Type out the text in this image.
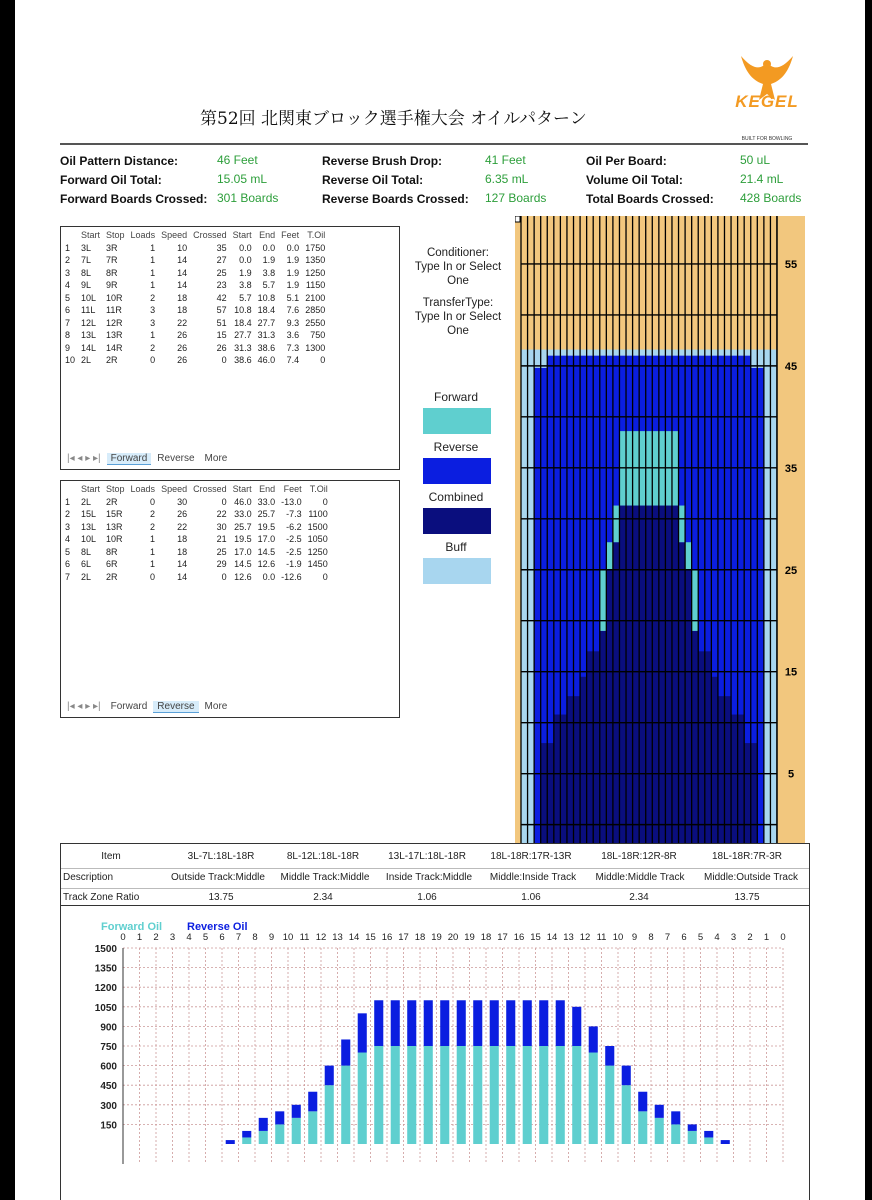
第52回 北関東ブロック選手権大会 オイルパターン
KEGEL
BUILT FOR BOWLING
Oil Pattern Distance:	46 Feet
Forward Oil Total:	15.05 mL
Forward Boards Crossed: 301 Boards
Reverse Brush Drop:	41 Feet
Reverse Oil Total:	6.35 mL
Reverse Boards Crossed: 127 Boards
Oil Per Board:	50 uL
Volume Oil Total:	21.4 mL
Total Boards Crossed: 428 Boards
	Start	Stop	Loads	Speed	Crossed	Start	End	Feet	T.Oil
1	3L	3R	1	10	35	0.0	0.0	0.0	1750
2	7L	7R	1	14	27	0.0	1.9	1.9	1350
3	8L	8R	1	14	25	1.9	3.8	1.9	1250
4	9L	9R	1	14	23	3.8	5.7	1.9	1150
5	10L	10R	2	18	42	5.7	10.8	5.1	2100
6	11L	11R	3	18	57	10.8	18.4	7.6	2850
7	12L	12R	3	22	51	18.4	27.7	9.3	2550
8	13L	13R	1	26	15	27.7	31.3	3.6	750
9	14L	14R	2	26	26	31.3	38.6	7.3	1300
10	2L	2R	0	26	0	38.6	46.0	7.4	0
|◂ ◂ ▸ ▸| Forward Reverse More
	Start	Stop	Loads	Speed	Crossed	Start	End	Feet	T.Oil
1	2L	2R	0	30	0	46.0	33.0	-13.0	0
2	15L	15R	2	26	22	33.0	25.7	-7.3	1100
3	13L	13R	2	22	30	25.7	19.5	-6.2	1500
4	10L	10R	1	18	21	19.5	17.0	-2.5	1050
5	8L	8R	1	18	25	17.0	14.5	-2.5	1250
6	6L	6R	1	14	29	14.5	12.6	-1.9	1450
7	2L	2R	0	14	0	12.6	0.0	-12.6	0
|◂ ◂ ▸ ▸| Forward Reverse More
Conditioner:
Type In or Select
One
TransferType:
Type In or Select
One
Forward
Reverse
Combined
Buff
55
45
35
25
15
5
Item	3L-7L:18L-18R	8L-12L:18L-18R	13L-17L:18L-18R	18L-18R:17R-13R	18L-18R:12R-8R	18L-18R:7R-3R
Description	Outside Track:Middle	Middle Track:Middle	Inside Track:Middle	Middle:Inside Track	Middle:Middle Track	Middle:Outside Track
Track Zone Ratio	13.75	2.34	1.06	1.06	2.34	13.75
Forward Oil Reverse Oil
0 1 2 3 4 5 6 7 8 9 10 11 12 13 14 15 16 17 18 19 20 19 18 17 16 15 14 13 12 11 10 9 8 7 6 5 4 3 2 1 0
150
300
450
600
750
900
1050
1200
1350
1500
